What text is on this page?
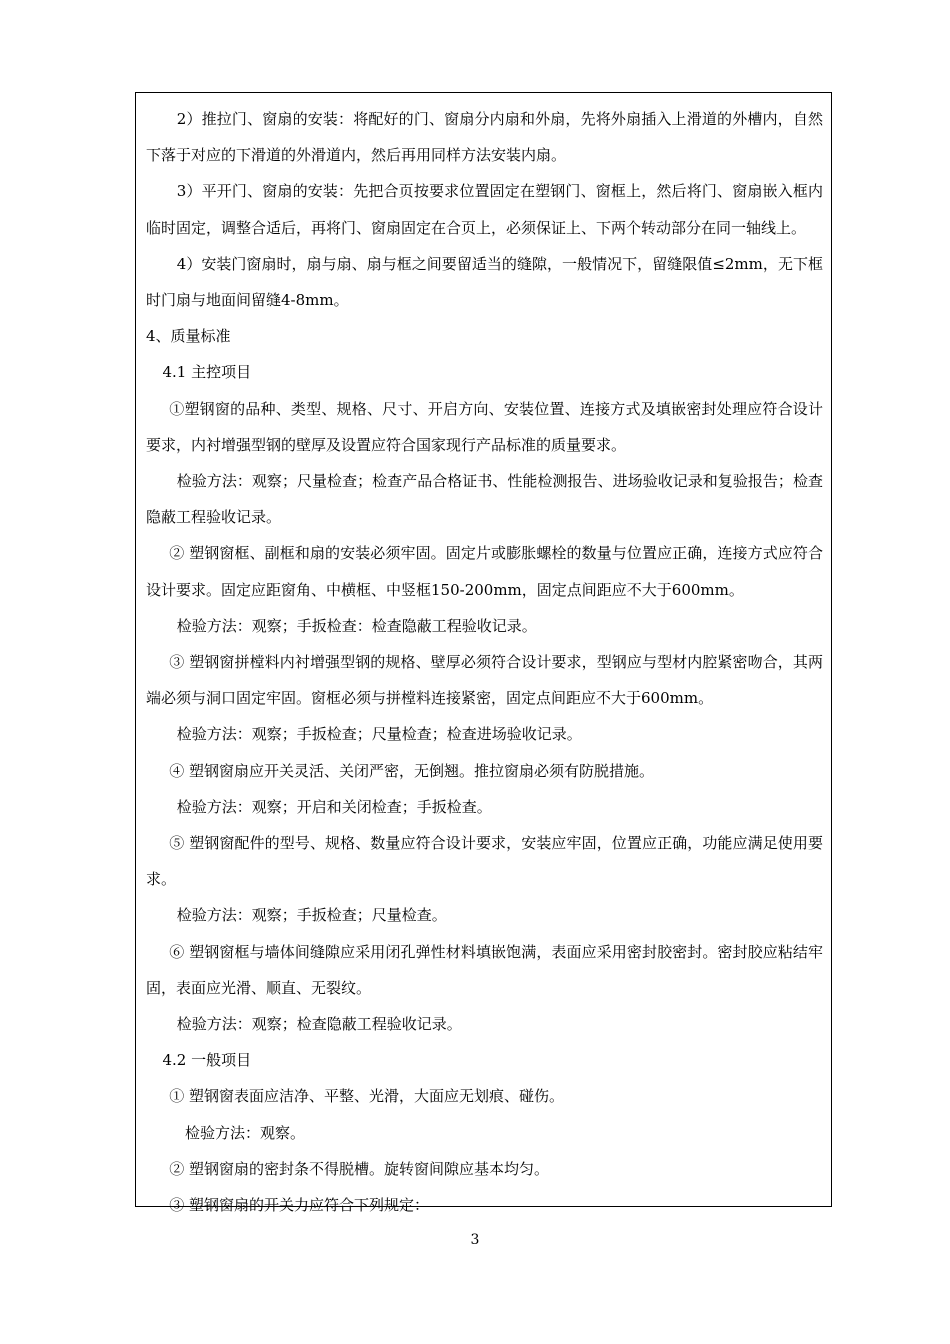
2）推拉门、窗扇的安装：将配好的门、窗扇分内扇和外扇，先将外扇插入上滑道的外槽内，自然下落于对应的下滑道的外滑道内，然后再用同样方法安装内扇。

3）平开门、窗扇的安装：先把合页按要求位置固定在塑钢门、窗框上，然后将门、窗扇嵌入框内临时固定，调整合适后，再将门、窗扇固定在合页上，必须保证上、下两个转动部分在同一轴线上。

4）安装门窗扇时，扇与扇、扇与框之间要留适当的缝隙，一般情况下，留缝限值≤2mm，无下框时门扇与地面间留缝4-8mm。

4、质量标准

4.1 主控项目

①塑钢窗的品种、类型、规格、尺寸、开启方向、安装位置、连接方式及填嵌密封处理应符合设计要求，内衬增强型钢的壁厚及设置应符合国家现行产品标准的质量要求。

检验方法：观察；尺量检查；检查产品合格证书、性能检测报告、进场验收记录和复验报告；检查隐蔽工程验收记录。

② 塑钢窗框、副框和扇的安装必须牢固。固定片或膨胀螺栓的数量与位置应正确，连接方式应符合设计要求。固定应距窗角、中横框、中竖框150-200mm，固定点间距应不大于600mm。

检验方法：观察；手扳检查：检查隐蔽工程验收记录。

③ 塑钢窗拼樘料内衬增强型钢的规格、壁厚必须符合设计要求，型钢应与型材内腔紧密吻合，其两端必须与洞口固定牢固。窗框必须与拼樘料连接紧密，固定点间距应不大于600mm。

检验方法：观察；手扳检查；尺量检查；检查进场验收记录。

④ 塑钢窗扇应开关灵活、关闭严密，无倒翘。推拉窗扇必须有防脱措施。

检验方法：观察；开启和关闭检查；手扳检查。

⑤ 塑钢窗配件的型号、规格、数量应符合设计要求，安装应牢固，位置应正确，功能应满足使用要求。

检验方法：观察；手扳检查；尺量检查。

⑥ 塑钢窗框与墙体间缝隙应采用闭孔弹性材料填嵌饱满，表面应采用密封胶密封。密封胶应粘结牢固，表面应光滑、顺直、无裂纹。

检验方法：观察；检查隐蔽工程验收记录。

4.2 一般项目

① 塑钢窗表面应洁净、平整、光滑，大面应无划痕、碰伤。

检验方法：观察。

② 塑钢窗扇的密封条不得脱槽。旋转窗间隙应基本均匀。

③ 塑钢窗扇的开关力应符合下列规定：

3
